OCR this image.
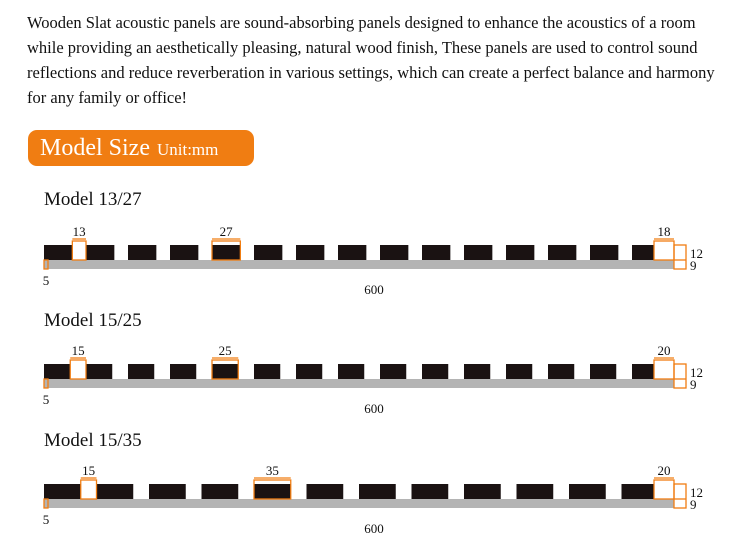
Wooden Slat acoustic panels are sound-absorbing panels designed to enhance the acoustics of a room while providing an aesthetically pleasing, natural wood finish, These panels are used to control sound reflections and reduce reverberation in various settings, which can create a perfect balance and harmony for any family or office!

Model Size Unit:mm

Model 13/27

13	27	18
12
9
5
600

Model 15/25

15	25	20
12
9
5
600

Model 15/35

15	35	20
12
9
5
600
